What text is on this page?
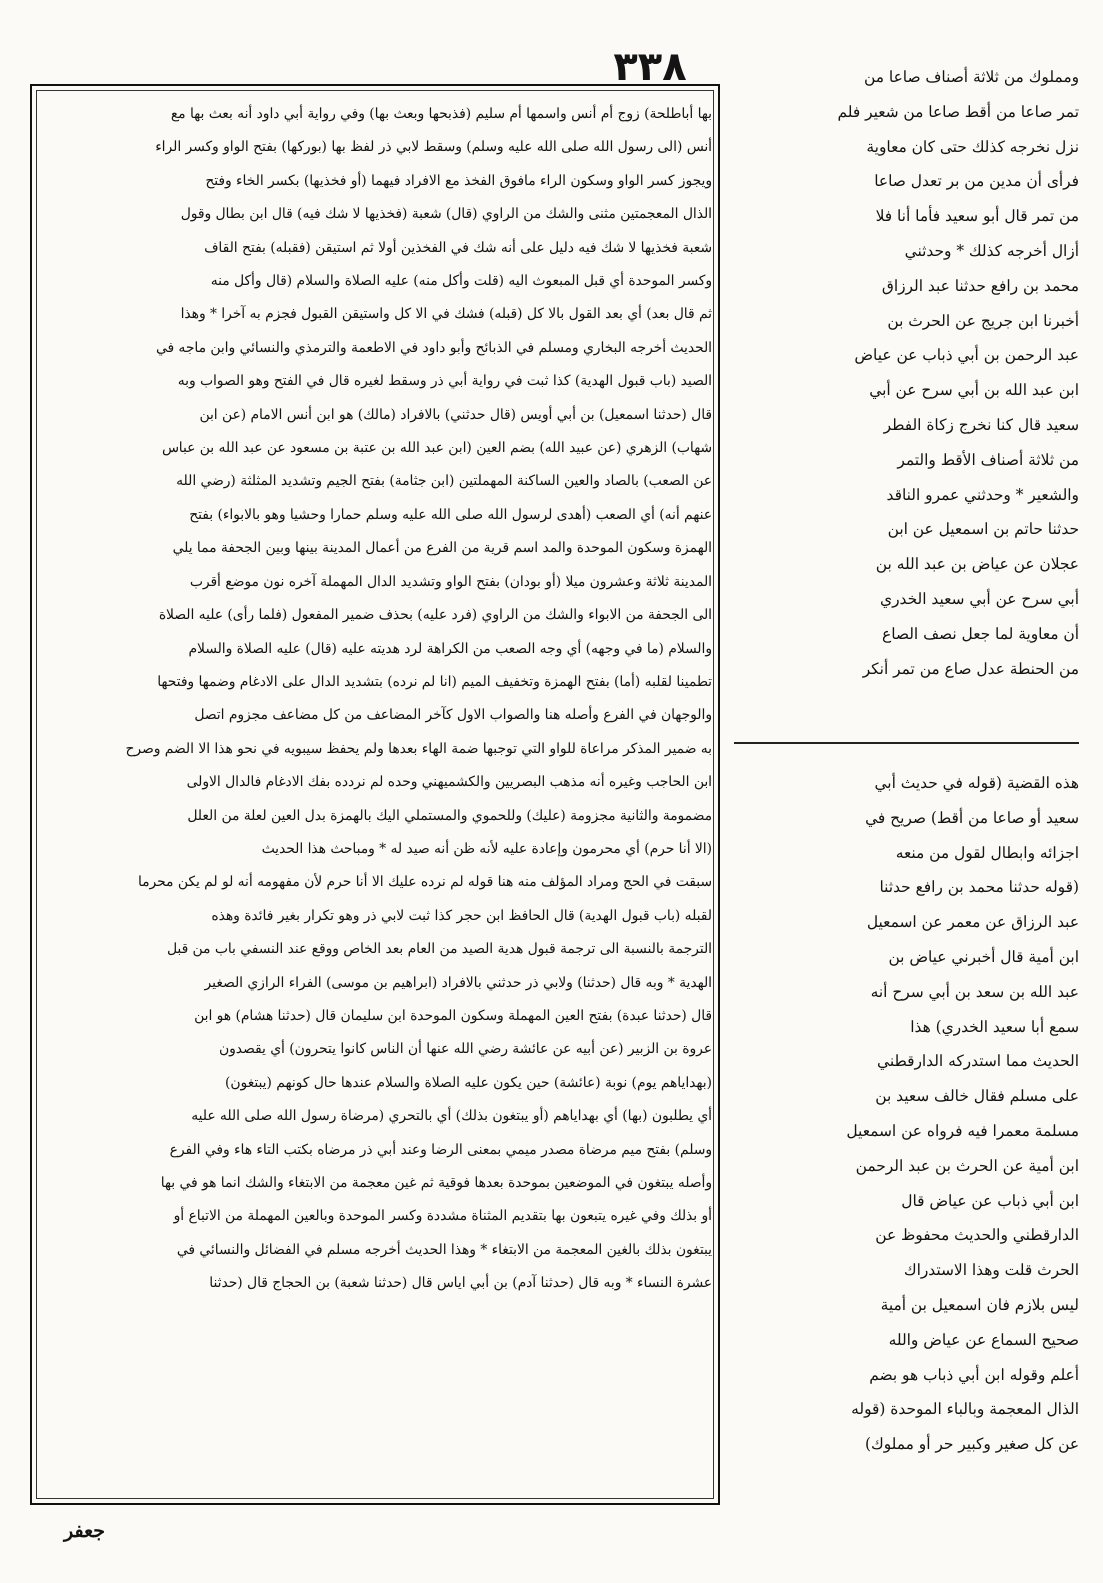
٣٣٨

بها أباطلحة) زوج أم أنس واسمها أم سليم (فذبحها وبعث بها) وفي رواية أبي داود أنه بعث بها مع
أنس (الى رسول الله صلى الله عليه وسلم) وسقط لابي ذر لفظ بها (بوركها) بفتح الواو وكسر الراء
ويجوز كسر الواو وسكون الراء مافوق الفخذ مع الافراد فيهما (أو فخذيها) بكسر الخاء وفتح
الذال المعجمتين مثنى والشك من الراوي (قال) شعبة (فخذيها لا شك فيه) قال ابن بطال وقول
شعبة فخذيها لا شك فيه دليل على أنه شك في الفخذين أولا ثم استيقن (فقبله) بفتح القاف
وكسر الموحدة أي قبل المبعوث اليه (قلت وأكل منه) عليه الصلاة والسلام (قال وأكل منه
ثم قال بعد) أي بعد القول بالا كل (قبله) فشك في الا كل واستيقن القبول فجزم به آخرا * وهذا
الحديث أخرجه البخاري ومسلم في الذبائح وأبو داود في الاطعمة والترمذي والنسائي وابن ماجه في
الصيد (باب قبول الهدية) كذا ثبت في رواية أبي ذر وسقط لغيره قال في الفتح وهو الصواب وبه
قال (حدثنا اسمعيل) بن أبي أويس (قال حدثني) بالافراد (مالك) هو ابن أنس الامام (عن ابن
شهاب) الزهري (عن عبيد الله) بضم العين (ابن عبد الله بن عتبة بن مسعود عن عبد الله بن عباس
عن الصعب) بالصاد والعين الساكنة المهملتين (ابن جثامة) بفتح الجيم وتشديد المثلثة (رضي الله
عنهم أنه) أي الصعب (أهدى لرسول الله صلى الله عليه وسلم حمارا وحشيا وهو بالابواء) بفتح
الهمزة وسكون الموحدة والمد اسم قرية من الفرع من أعمال المدينة بينها وبين الجحفة مما يلي
المدينة ثلاثة وعشرون ميلا (أو بودان) بفتح الواو وتشديد الدال المهملة آخره نون موضع أقرب
الى الجحفة من الابواء والشك من الراوي (فرد عليه) بحذف ضمير المفعول (فلما رأى) عليه الصلاة
والسلام (ما في وجهه) أي وجه الصعب من الكراهة لرد هديته عليه (قال) عليه الصلاة والسلام
تطمينا لقلبه (أما) بفتح الهمزة وتخفيف الميم (انا لم نرده) بتشديد الدال على الادغام وضمها وفتحها
والوجهان في الفرع وأصله هنا والصواب الاول كآخر المضاعف من كل مضاعف مجزوم اتصل
به ضمير المذكر مراعاة للواو التي توجبها ضمة الهاء بعدها ولم يحفظ سيبويه في نحو هذا الا الضم وصرح
ابن الحاجب وغيره أنه مذهب البصريين والكشميهني وحده لم نردده بفك الادغام فالدال الاولى
مضمومة والثانية مجزومة (عليك) وللحموي والمستملي اليك بالهمزة بدل العين لعلة من العلل
(الا أنا حرم) أي محرمون وإعادة عليه لأنه ظن أنه صيد له * ومباحث هذا الحديث
سبقت في الحج ومراد المؤلف منه هنا قوله لم نرده عليك الا أنا حرم لأن مفهومه أنه لو لم يكن محرما
لقبله (باب قبول الهدية) قال الحافظ ابن حجر كذا ثبت لابي ذر وهو تكرار بغير فائدة وهذه
الترجمة بالنسبة الى ترجمة قبول هدية الصيد من العام بعد الخاص ووقع عند النسفي باب من قبل
الهدية * وبه قال (حدثنا) ولابي ذر حدثني بالافراد (ابراهيم بن موسى) الفراء الرازي الصغير
قال (حدثنا عبدة) بفتح العين المهملة وسكون الموحدة ابن سليمان قال (حدثنا هشام) هو ابن
عروة بن الزبير (عن أبيه عن عائشة رضي الله عنها أن الناس كانوا يتحرون) أي يقصدون
(بهداياهم يوم) نوبة (عائشة) حين يكون عليه الصلاة والسلام عندها حال كونهم (يبتغون)
أي يطلبون (بها) أي بهداياهم (أو يبتغون بذلك) أي بالتحري (مرضاة رسول الله صلى الله عليه
وسلم) بفتح ميم مرضاة مصدر ميمي بمعنى الرضا وعند أبي ذر مرضاه بكتب التاء هاء وفي الفرع
وأصله يبتغون في الموضعين بموحدة بعدها فوقية ثم غين معجمة من الابتغاء والشك انما هو في بها
أو بذلك وفي غيره يتبعون بها بتقديم المثناة مشددة وكسر الموحدة وبالعين المهملة من الاتباع أو
يبتغون بذلك بالغين المعجمة من الابتغاء * وهذا الحديث أخرجه مسلم في الفضائل والنسائي في
عشرة النساء * وبه قال (حدثنا آدم) بن أبي اياس قال (حدثنا شعبة) بن الحجاج قال (حدثنا

ومملوك من ثلاثة أصناف صاعا من
تمر صاعا من أقط صاعا من شعير فلم
نزل نخرجه كذلك حتى كان معاوية
فرأى أن مدين من بر تعدل صاعا
من تمر قال أبو سعيد فأما أنا فلا
أزال أخرجه كذلك * وحدثني
محمد بن رافع حدثنا عبد الرزاق
أخبرنا ابن جريج عن الحرث بن
عبد الرحمن بن أبي ذباب عن عياض
ابن عبد الله بن أبي سرح عن أبي
سعيد قال كنا نخرج زكاة الفطر
من ثلاثة أصناف الأقط والتمر
والشعير * وحدثني عمرو الناقد
حدثنا حاتم بن اسمعيل عن ابن
عجلان عن عياض بن عبد الله بن
أبي سرح عن أبي سعيد الخدري
أن معاوية لما جعل نصف الصاع
من الحنطة عدل صاع من تمر أنكر

هذه القضية (قوله في حديث أبي
سعيد أو صاعا من أقط) صريح في
اجزائه وابطال لقول من منعه
(قوله حدثنا محمد بن رافع حدثنا
عبد الرزاق عن معمر عن اسمعيل
ابن أمية قال أخبرني عياض بن
عبد الله بن سعد بن أبي سرح أنه
سمع أبا سعيد الخدري) هذا
الحديث مما استدركه الدارقطني
على مسلم فقال خالف سعيد بن
مسلمة معمرا فيه فرواه عن اسمعيل
ابن أمية عن الحرث بن عبد الرحمن
ابن أبي ذباب عن عياض قال
الدارقطني والحديث محفوظ عن
الحرث قلت وهذا الاستدراك
ليس بلازم فان اسمعيل بن أمية
صحيح السماع عن عياض والله
أعلم وقوله ابن أبي ذباب هو بضم
الذال المعجمة وبالباء الموحدة (قوله
عن كل صغير وكبير حر أو مملوك)

جعفر
